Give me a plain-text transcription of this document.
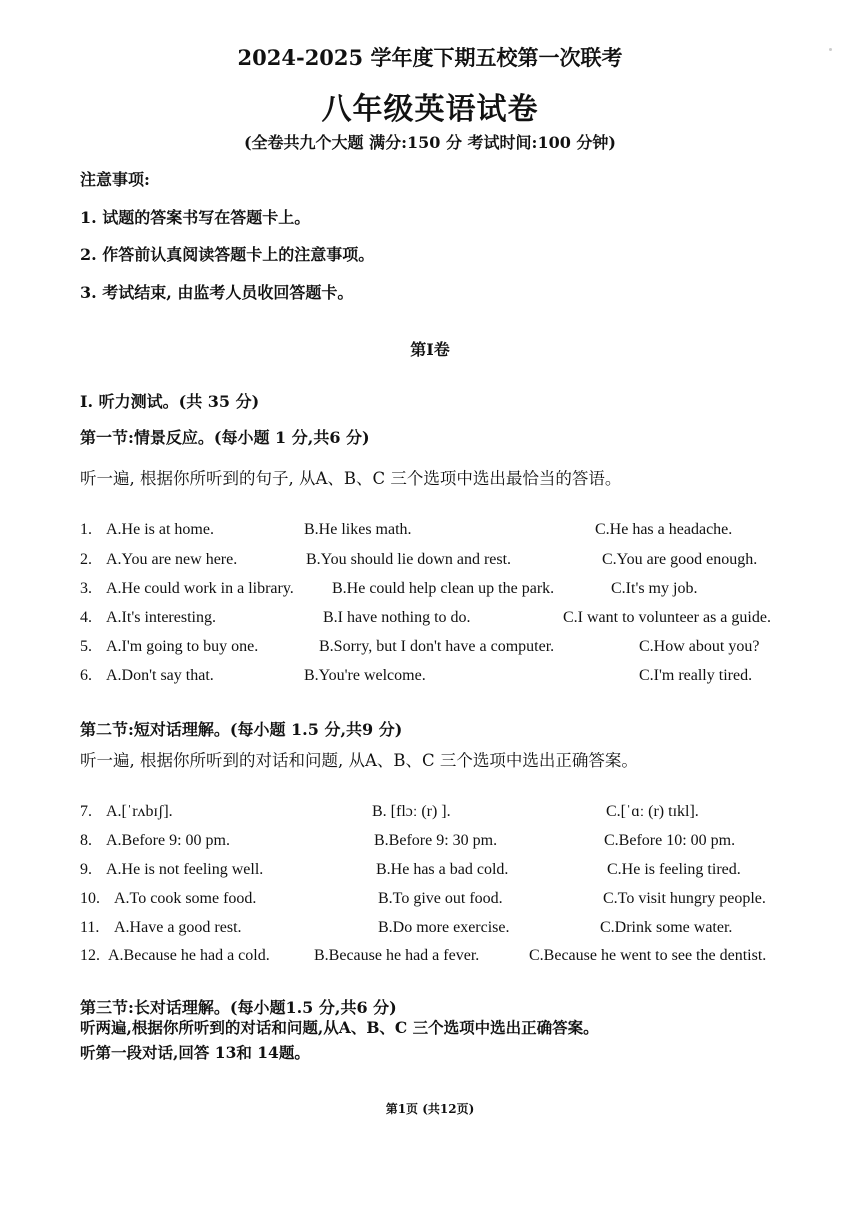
2024-2025 学年度下期五校第一次联考
八年级英语试卷
(全卷共九个大题 满分:150 分 考试时间:100 分钟)
注意事项:
1. 试题的答案书写在答题卡上。
2. 作答前认真阅读答题卡上的注意事项。
3. 考试结束, 由监考人员收回答题卡。
第Ⅰ卷
Ⅰ. 听力测试。(共 35 分)
第一节:情景反应。(每小题 1 分,共6 分)
听一遍, 根据你所听到的句子, 从A、B、C 三个选项中选出最恰当的答语。
1. A.He is at home.	B.He likes math.	C.He has a headache.
2. A.You are new here.	B.You should lie down and rest.	C.You are good enough.
3. A.He could work in a library. B.He could help clean up the park.	C.It's my job.
4. A.It's interesting.	B.I have nothing to do.	C.I want to volunteer as a guide.
5. A.I'm going to buy one.	B.Sorry, but I don't have a computer.	C.How about you?
6. A.Don't say that.	B.You're welcome.	C.I'm really tired.
第二节:短对话理解。(每小题 1.5 分,共9 分)
听一遍, 根据你所听到的对话和问题, 从A、B、C 三个选项中选出正确答案。
7. A.[ˈrʌbɪʃ].	B. [flɔː (r) ].	C.[ˈɑː (r) tɪkl].
8. A.Before 9: 00 pm.	B.Before 9: 30 pm.	C.Before 10: 00 pm.
9. A.He is not feeling well.	B.He has a bad cold.	C.He is feeling tired.
10. A.To cook some food.	B.To give out food.	C.To visit hungry people.
11. A.Have a good rest.	B.Do more exercise.	C.Drink some water.
12. A.Because he had a cold.	B.Because he had a fever.	C.Because he went to see the dentist.
第三节:长对话理解。(每小题1.5 分,共6 分)
听两遍,根据你所听到的对话和问题,从A、B、C 三个选项中选出正确答案。
听第一段对话,回答 13和 14题。
第1页 (共12页)
